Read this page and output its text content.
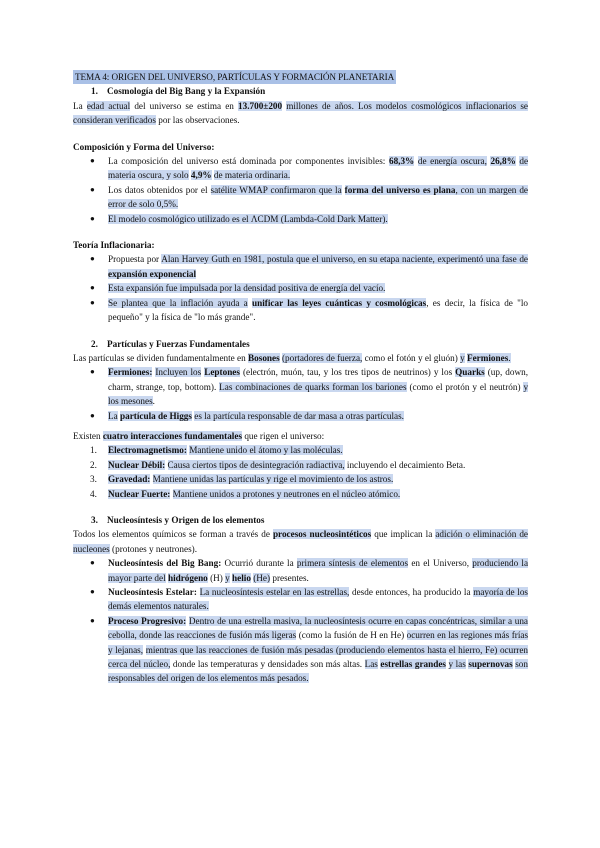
TEMA 4: ORIGEN DEL UNIVERSO, PARTÍCULAS Y FORMACIÓN PLANETARIA

1. Cosmología del Big Bang y la Expansión

La edad actual del universo se estima en 13.700±200 millones de años. Los modelos cosmológicos inflacionarios se consideran verificados por las observaciones.

Composición y Forma del Universo:

● La composición del universo está dominada por componentes invisibles: 68,3% de energía oscura, 26,8% de materia oscura, y solo 4,9% de materia ordinaria.
● Los datos obtenidos por el satélite WMAP confirmaron que la forma del universo es plana, con un margen de error de solo 0,5%.
● El modelo cosmológico utilizado es el ΛCDM (Lambda-Cold Dark Matter).

Teoría Inflacionaria:

● Propuesta por Alan Harvey Guth en 1981, postula que el universo, en su etapa naciente, experimentó una fase de expansión exponencial
● Esta expansión fue impulsada por la densidad positiva de energía del vacío.
● Se plantea que la inflación ayuda a unificar las leyes cuánticas y cosmológicas, es decir, la física de "lo pequeño" y la física de "lo más grande".

2. Partículas y Fuerzas Fundamentales

Las partículas se dividen fundamentalmente en Bosones (portadores de fuerza, como el fotón y el gluón) y Fermiones.

● Fermiones: Incluyen los Leptones (electrón, muón, tau, y los tres tipos de neutrinos) y los Quarks (up, down, charm, strange, top, bottom). Las combinaciones de quarks forman los bariones (como el protón y el neutrón) y los mesones.
● La partícula de Higgs es la partícula responsable de dar masa a otras partículas.

Existen cuatro interacciones fundamentales que rigen el universo:

1. Electromagnetismo: Mantiene unido el átomo y las moléculas.
2. Nuclear Débil: Causa ciertos tipos de desintegración radiactiva, incluyendo el decaimiento Beta.
3. Gravedad: Mantiene unidas las partículas y rige el movimiento de los astros.
4. Nuclear Fuerte: Mantiene unidos a protones y neutrones en el núcleo atómico.

3. Nucleosíntesis y Origen de los elementos

Todos los elementos químicos se forman a través de procesos nucleosintéticos que implican la adición o eliminación de nucleones (protones y neutrones).

● Nucleosíntesis del Big Bang: Ocurrió durante la primera síntesis de elementos en el Universo, produciendo la mayor parte del hidrógeno (H) y helio (He) presentes.
● Nucleosíntesis Estelar: La nucleosíntesis estelar en las estrellas, desde entonces, ha producido la mayoría de los demás elementos naturales.
● Proceso Progresivo: Dentro de una estrella masiva, la nucleosíntesis ocurre en capas concéntricas, similar a una cebolla, donde las reacciones de fusión más ligeras (como la fusión de H en He) ocurren en las regiones más frías y lejanas, mientras que las reacciones de fusión más pesadas (produciendo elementos hasta el hierro, Fe) ocurren cerca del núcleo, donde las temperaturas y densidades son más altas. Las estrellas grandes y las supernovas son responsables del origen de los elementos más pesados.
